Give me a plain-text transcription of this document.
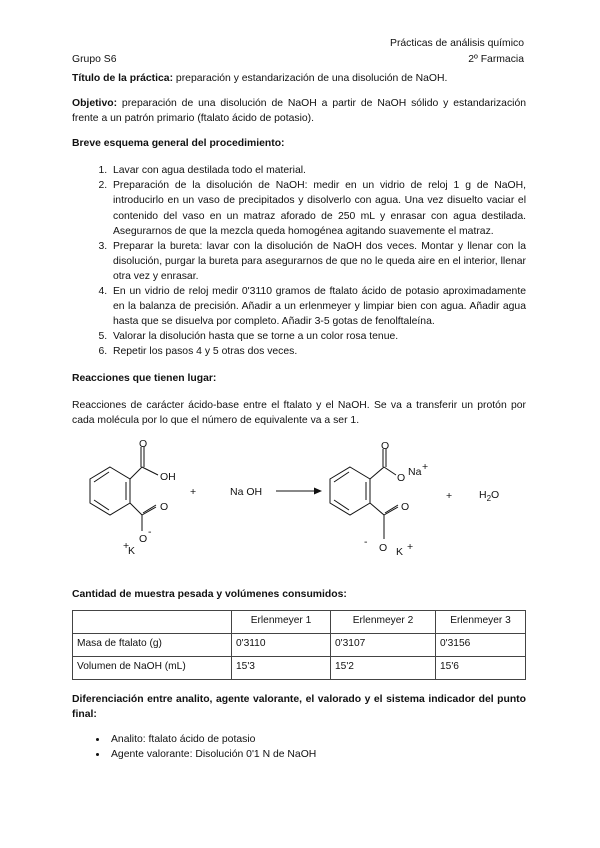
Prácticas de análisis químico
2º Farmacia
Grupo S6

Título de la práctica: preparación y estandarización de una disolución de NaOH.

Objetivo: preparación de una disolución de NaOH a partir de NaOH sólido y estandarización frente a un patrón primario (ftalato ácido de potasio).

Breve esquema general del procedimiento:
1. Lavar con agua destilada todo el material.
2. Preparación de la disolución de NaOH: medir en un vidrio de reloj 1 g de NaOH, introducirlo en un vaso de precipitados y disolverlo con agua. Una vez disuelto vaciar el contenido del vaso en un matraz aforado de 250 mL y enrasar con agua destilada. Asegurarnos de que la mezcla queda homogénea agitando suavemente el matraz.
3. Preparar la bureta: lavar con la disolución de NaOH dos veces. Montar y llenar con la disolución, purgar la bureta para asegurarnos de que no le queda aire en el interior, llenar otra vez y enrasar.
4. En un vidrio de reloj medir 0'3110 gramos de ftalato ácido de potasio aproximadamente en la balanza de precisión. Añadir a un erlenmeyer y limpiar bien con agua. Añadir agua hasta que se disuelva por completo. Añadir 3-5 gotas de fenolftaleína.
5. Valorar la disolución hasta que se torne a un color rosa tenue.
6. Repetir los pasos 4 y 5 otras dos veces.
Reacciones que tienen lugar:

Reacciones de carácter ácido-base entre el ftalato y el NaOH. Se va a transferir un protón por cada molécula por lo que el número de equivalente va a ser 1.

O
OH
O
O
-
+
K
+	Na OH
O
O Na +
O
- O K +
+	$H_2O$
Cantidad de muestra pesada y volúmenes consumidos:
	Erlenmeyer 1	Erlenmeyer 2	Erlenmeyer 3
Masa de ftalato (g)	0'3110	0'3107	0'3156
Volumen de NaOH (mL)	15'3	15'2	15'6
Diferenciación entre analito, agente valorante, el valorado y el sistema indicador del punto final:
• Analito: ftalato ácido de potasio
• Agente valorante: Disolución 0'1 N de NaOH
